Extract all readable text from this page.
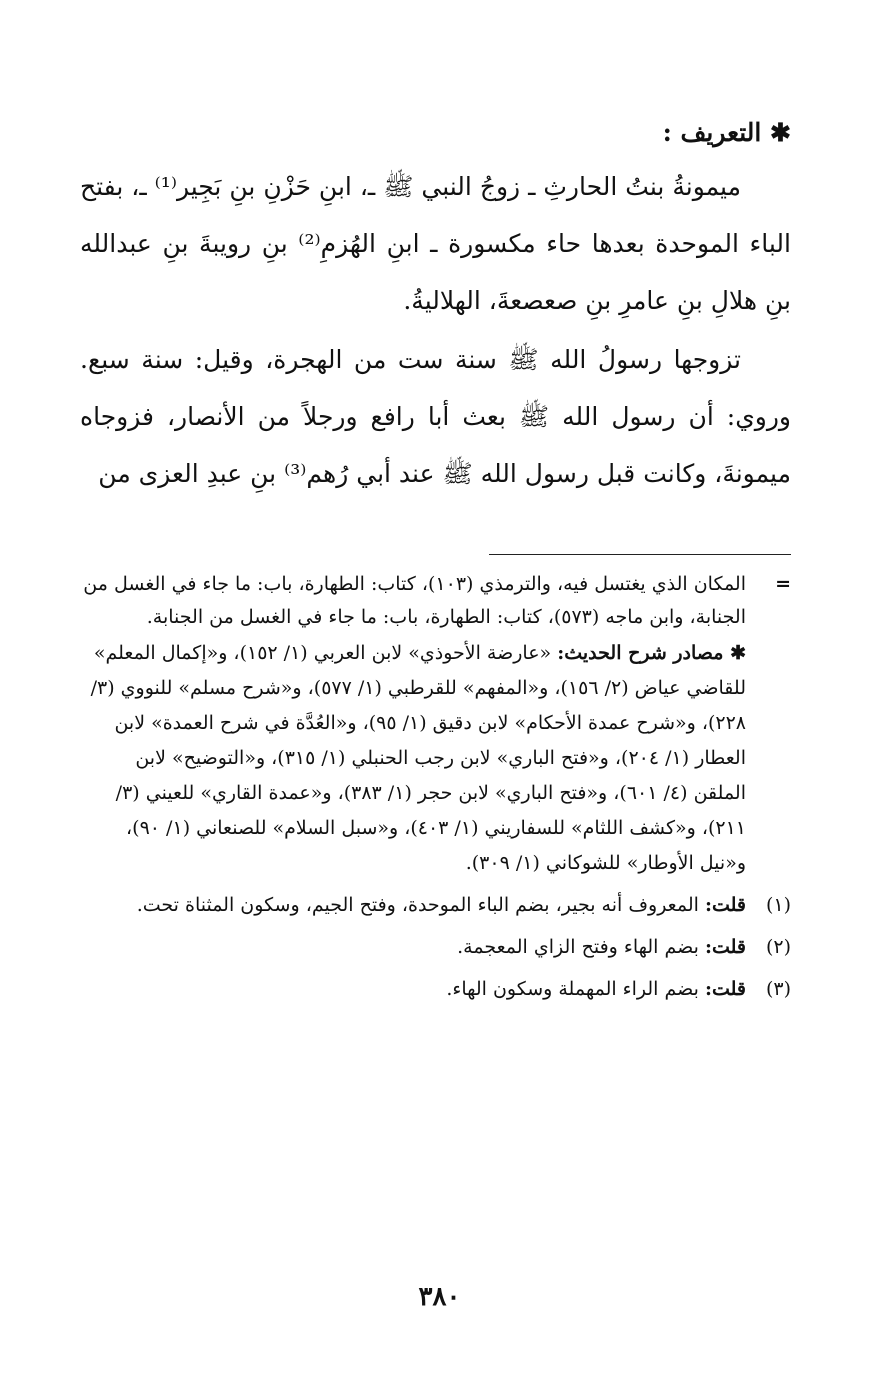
✱ التعريف :

ميمونةُ بنتُ الحارثِ ـ زوجُ النبي ﷺ ـ، ابنِ حَزْنِ بنِ بَجِير⁽¹⁾ ـ، بفتح الباء الموحدة بعدها حاء مكسورة ـ ابنِ الهُزمِ⁽²⁾ بنِ رويبةَ بنِ عبدالله بنِ هلالِ بنِ عامرِ بنِ صعصعةَ، الهلاليةُ.

تزوجها رسولُ الله ﷺ سنة ست من الهجرة، وقيل: سنة سبع. وروي: أن رسول الله ﷺ بعث أبا رافع ورجلاً من الأنصار، فزوجاه ميمونةَ، وكانت قبل رسول الله ﷺ عند أبي رُهم⁽³⁾ بنِ عبدِ العزى من

=
المكان الذي يغتسل فيه، والترمذي (١٠٣)، كتاب: الطهارة، باب: ما جاء في الغسل من الجنابة، وابن ماجه (٥٧٣)، كتاب: الطهارة، باب: ما جاء في الغسل من الجنابة.
✱ مصادر شرح الحديث: «عارضة الأحوذي» لابن العربي (١/ ١٥٢)، و«إكمال المعلم» للقاضي عياض (٢/ ١٥٦)، و«المفهم» للقرطبي (١/ ٥٧٧)، و«شرح مسلم» للنووي (٣/ ٢٢٨)، و«شرح عمدة الأحكام» لابن دقيق (١/ ٩٥)، و«العُدَّة في شرح العمدة» لابن العطار (١/ ٢٠٤)، و«فتح الباري» لابن رجب الحنبلي (١/ ٣١٥)، و«التوضيح» لابن الملقن (٤/ ٦٠١)، و«فتح الباري» لابن حجر (١/ ٣٨٣)، و«عمدة القاري» للعيني (٣/ ٢١١)، و«كشف اللثام» للسفاريني (١/ ٤٠٣)، و«سبل السلام» للصنعاني (١/ ٩٠)، و«نيل الأوطار» للشوكاني (١/ ٣٠٩).
(١)
قلت: المعروف أنه بجير، بضم الباء الموحدة، وفتح الجيم، وسكون المثناة تحت.
(٢)
قلت: بضم الهاء وفتح الزاي المعجمة.
(٣)
قلت: بضم الراء المهملة وسكون الهاء.
٣٨٠
